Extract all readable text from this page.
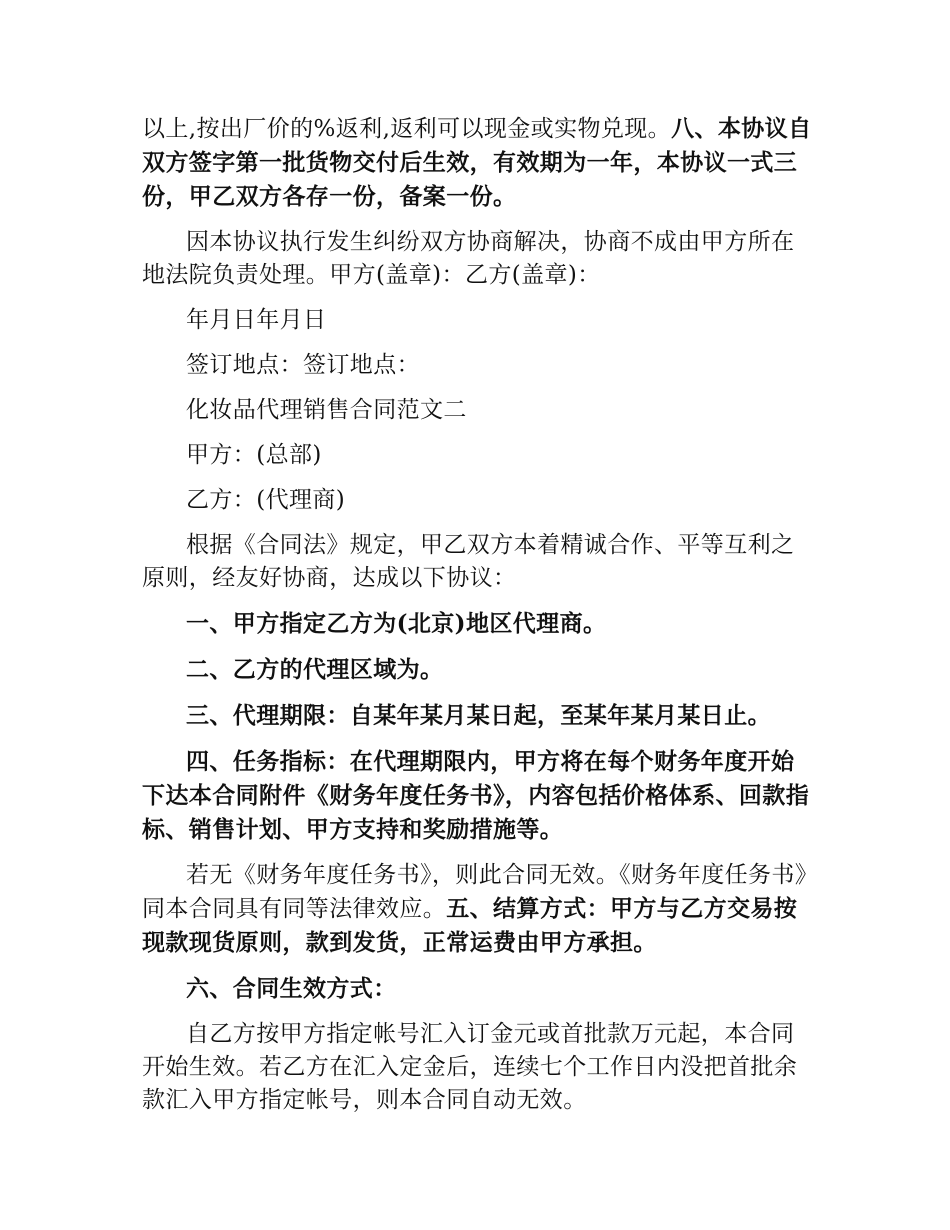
以上,按出厂价的%返利,返利可以现金或实物兑现。八、本协议自双方签字第一批货物交付后生效，有效期为一年，本协议一式三份，甲乙双方各存一份，备案一份。

因本协议执行发生纠纷双方协商解决，协商不成由甲方所在地法院负责处理。甲方(盖章)：乙方(盖章)：

年月日年月日

签订地点：签订地点：

化妆品代理销售合同范文二

甲方：(总部)

乙方：(代理商)

根据《合同法》规定，甲乙双方本着精诚合作、平等互利之原则，经友好协商，达成以下协议：

一、甲方指定乙方为(北京)地区代理商。

二、乙方的代理区域为。

三、代理期限：自某年某月某日起，至某年某月某日止。

四、任务指标：在代理期限内，甲方将在每个财务年度开始下达本合同附件《财务年度任务书》，内容包括价格体系、回款指标、销售计划、甲方支持和奖励措施等。

若无《财务年度任务书》，则此合同无效。《财务年度任务书》同本合同具有同等法律效应。五、结算方式：甲方与乙方交易按现款现货原则，款到发货，正常运费由甲方承担。

六、合同生效方式：

自乙方按甲方指定帐号汇入订金元或首批款万元起，本合同开始生效。若乙方在汇入定金后，连续七个工作日内没把首批余款汇入甲方指定帐号，则本合同自动无效。
